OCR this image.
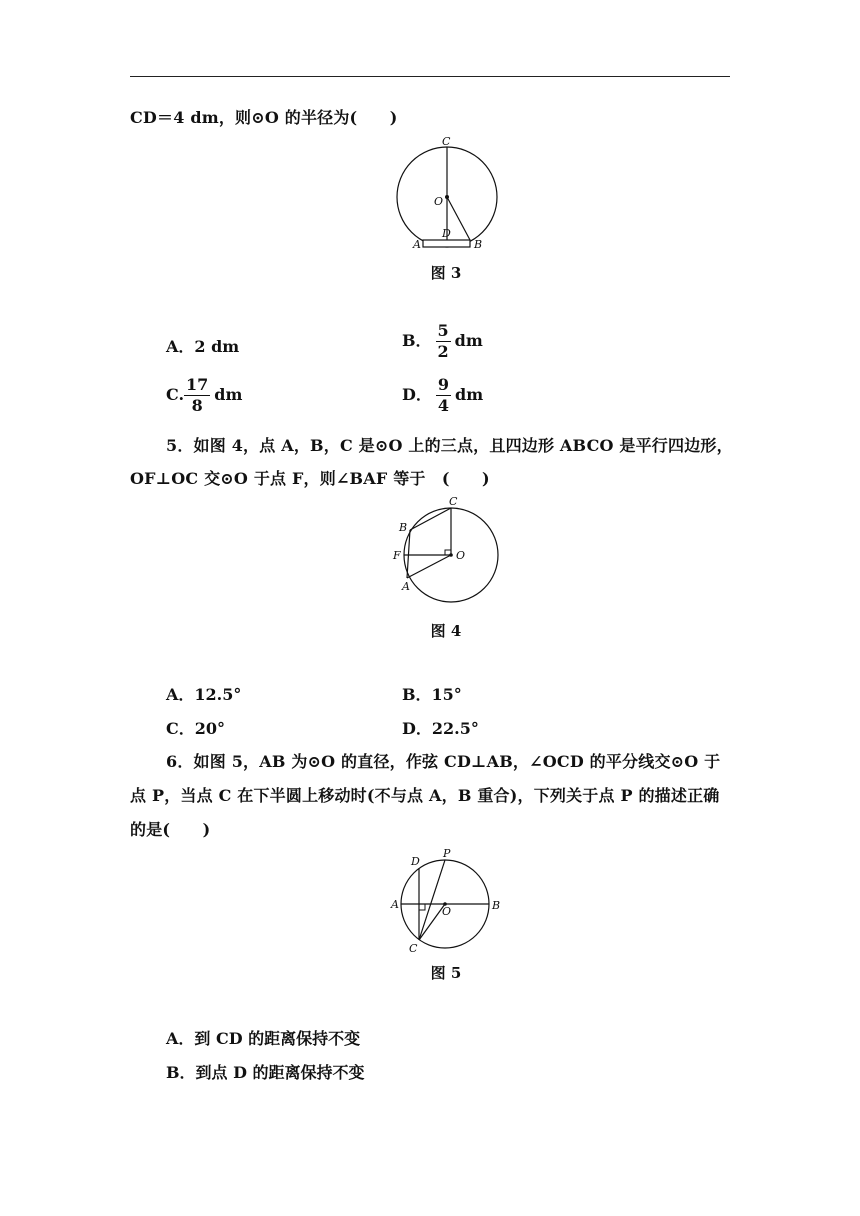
CD＝4 dm，则⊙O 的半径为(　　)
C
O
D
A	B
图 3
A．2 dm	B． $\frac{5}{2}$ dm
C. $\frac{17}{8}$ dm	D． $\frac{9}{4}$ dm
5．如图 4，点 A，B，C 是⊙O 上的三点，且四边形 ABCO 是平行四边形，
OF⊥OC 交⊙O 于点 F，则∠BAF 等于　(　　)
C
B
F	O
A
图 4
A．12.5°	B．15°
C．20°	D．22.5°
6．如图 5，AB 为⊙O 的直径，作弦 CD⊥AB，∠OCD 的平分线交⊙O 于
点 P，当点 C 在下半圆上移动时(不与点 A，B 重合)，下列关于点 P 的描述正确
的是(　　)
D
P
A
O	B
C
图 5
A．到 CD 的距离保持不变
B．到点 D 的距离保持不变
